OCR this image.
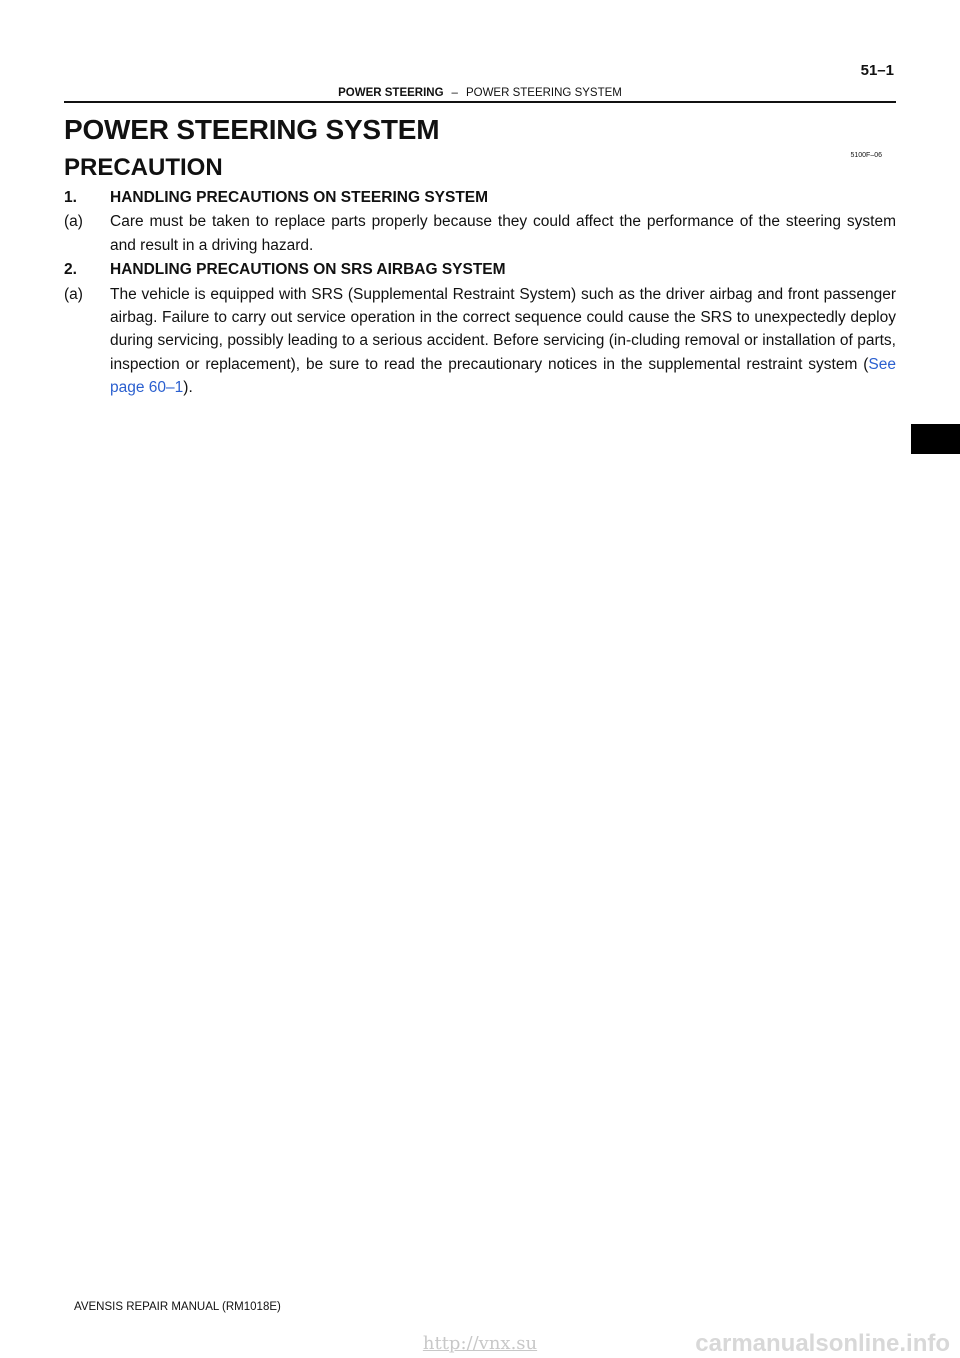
51–1
POWER STEERING – POWER STEERING SYSTEM
POWER STEERING SYSTEM
5100F–06
PRECAUTION
1.	HANDLING PRECAUTIONS ON STEERING SYSTEM
(a)	Care must be taken to replace parts properly because they could affect the performance of the steering system and result in a driving hazard.
2.	HANDLING PRECAUTIONS ON SRS AIRBAG SYSTEM
(a)	The vehicle is equipped with SRS (Supplemental Restraint System) such as the driver airbag and front passenger airbag. Failure to carry out service operation in the correct sequence could cause the SRS to unexpectedly deploy during servicing, possibly leading to a serious accident. Before servicing (in-cluding removal or installation of parts, inspection or replacement), be sure to read the precautionary notices in the supplemental restraint system (See page 60–1).
AVENSIS REPAIR MANUAL (RM1018E)
http://vnx.su	carmanualsonline.info
